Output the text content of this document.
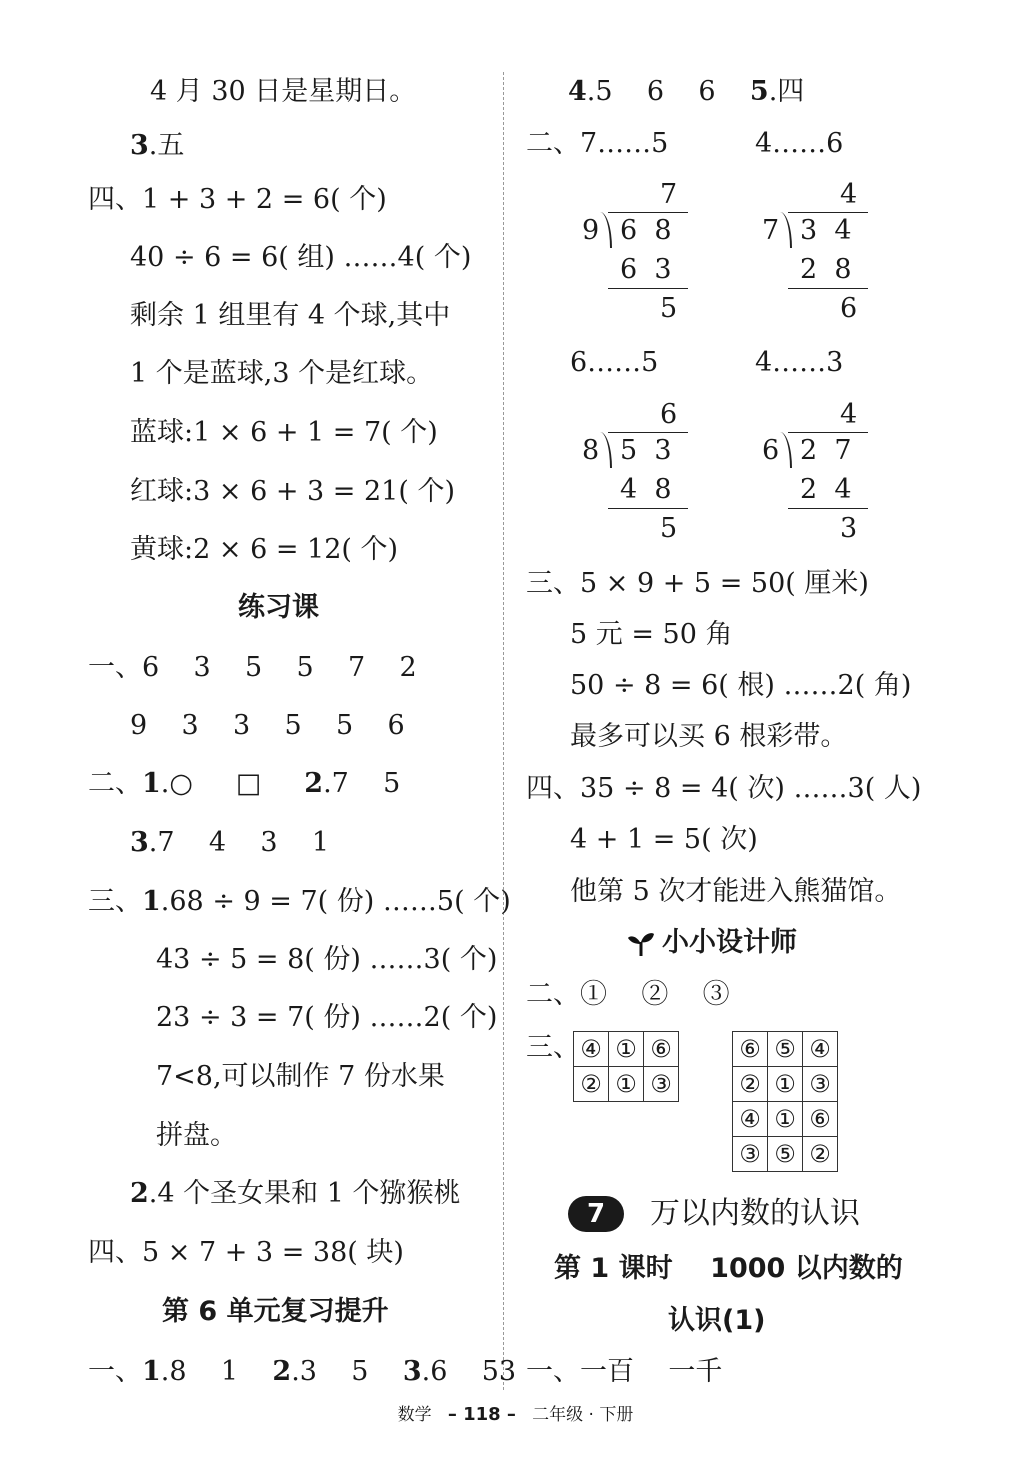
4 月 30 日是星期日。
3.五
四、1 + 3 + 2 = 6( 个)
40 ÷ 6 = 6( 组) ……4( 个)
剩余 1 组里有 4 个球,其中
1 个是蓝球,3 个是红球。
蓝球:1 × 6 + 1 = 7( 个)
红球:3 × 6 + 3 = 21( 个)
黄球:2 × 6 = 12( 个)
练习课
一、6    3    5    5    7    2
9    3    3    5    5    6
二、1.○     □ 2.7    5
3.7    4    3    1
三、1.68 ÷ 9 = 7( 份) ……5( 个)
43 ÷ 5 = 8( 份) ……3( 个)
23 ÷ 3 = 7( 份) ……2( 个)
7<8,可以制作 7 份水果
拼盘。
2.4 个圣女果和 1 个猕猴桃
四、5 × 7 + 3 = 38( 块)
第 6 单元复习提升
一、1.8    1    2.3    5    3.6    53
4.5    6    6    5.四
二、7……5	4……6
7
9 6  8
6  3
5
4
7 3  4
2  8
6
6……5	4……3
6
8 5  3
4  8
5
4
6 2  7
2  4
3
三、5 × 9 + 5 = 50( 厘米)
5 元 = 50 角
50 ÷ 8 = 6( 根) ……2( 角)
最多可以买 6 根彩带。
四、35 ÷ 8 = 4( 次) ……3( 人)
4 + 1 = 5( 次)
他第 5 次才能进入熊猫馆。
小小设计师
二、①    ②    ③
三、 ④	①	⑥
②	①	③
⑥	⑤	④
②	①	③
④	①	⑥
③	⑤	②
7	万以内数的认识
第 1 课时    1000 以内数的
认识(1)
一、一百    一千
数学 – 118 – 二年级 · 下册
